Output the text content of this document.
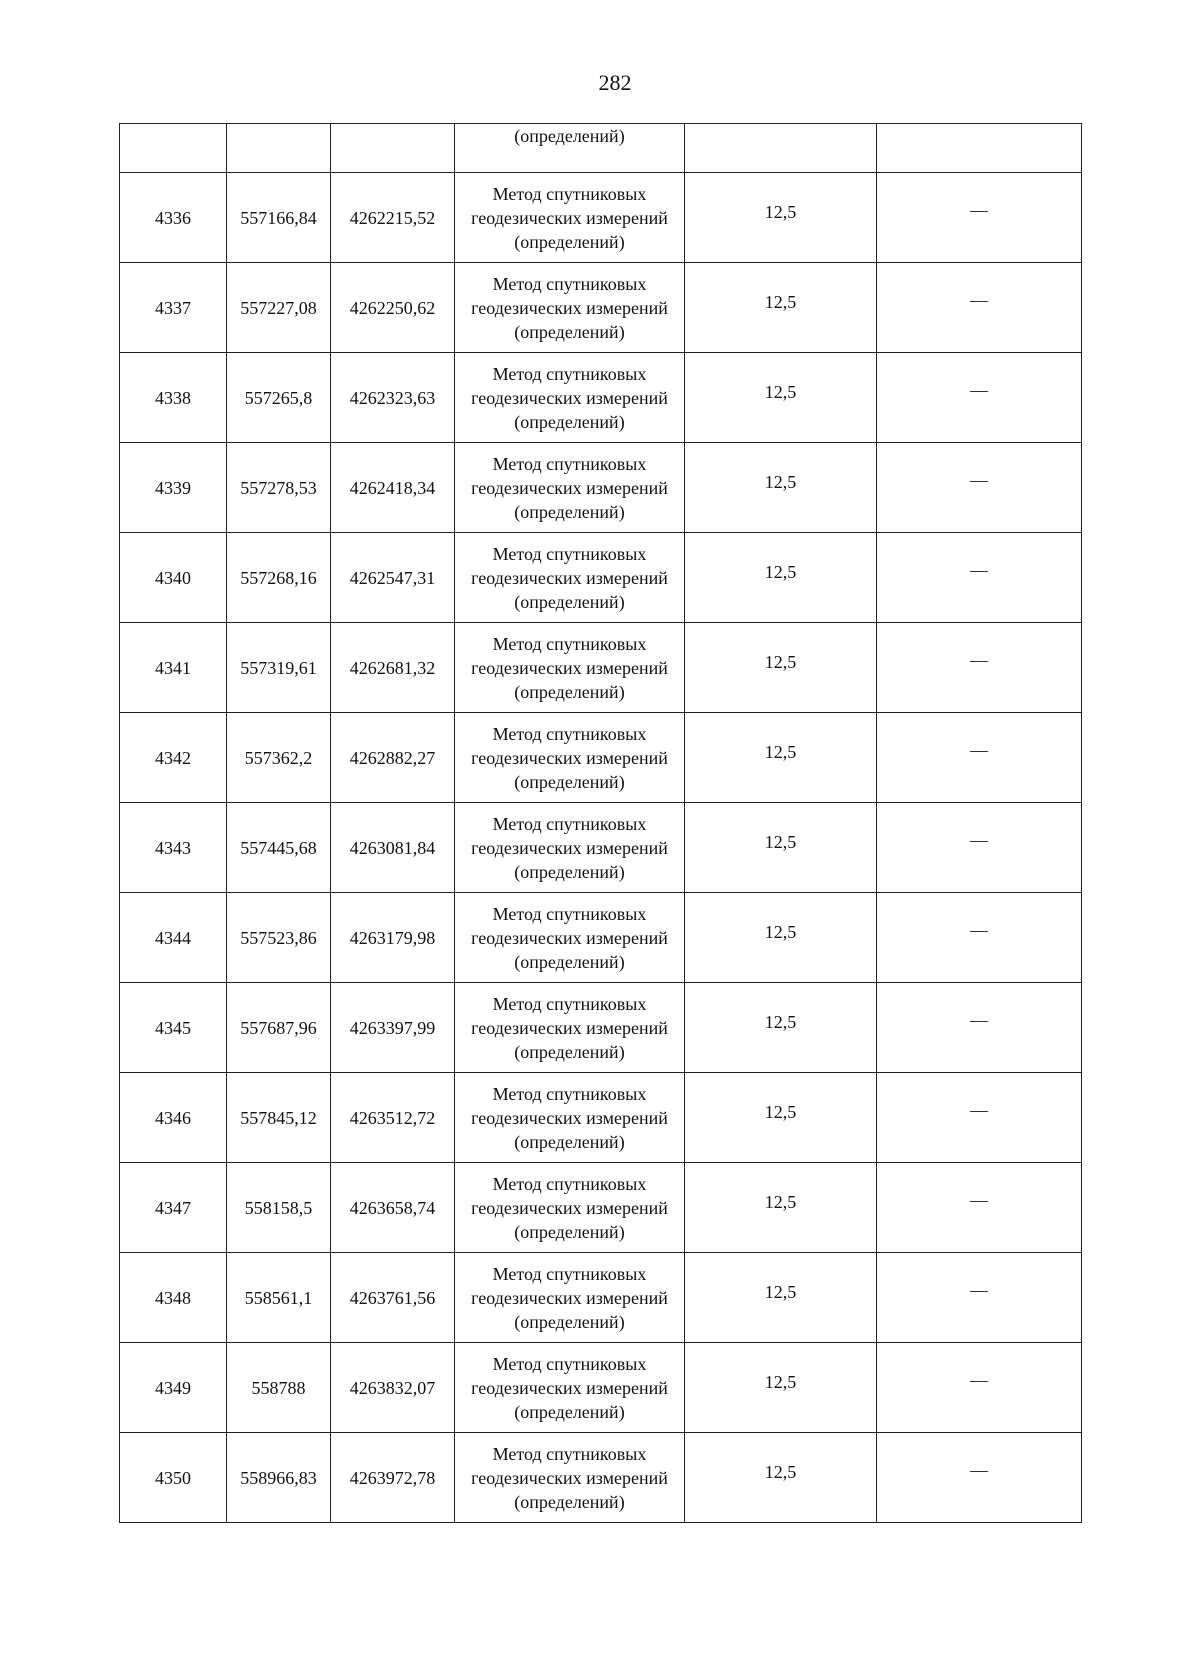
282
			(определений)		
4336	557166,84	4262215,52	Метод спутниковых геодезических измерений (определений)	12,5	—
4337	557227,08	4262250,62	Метод спутниковых геодезических измерений (определений)	12,5	—
4338	557265,8	4262323,63	Метод спутниковых геодезических измерений (определений)	12,5	—
4339	557278,53	4262418,34	Метод спутниковых геодезических измерений (определений)	12,5	—
4340	557268,16	4262547,31	Метод спутниковых геодезических измерений (определений)	12,5	—
4341	557319,61	4262681,32	Метод спутниковых геодезических измерений (определений)	12,5	—
4342	557362,2	4262882,27	Метод спутниковых геодезических измерений (определений)	12,5	—
4343	557445,68	4263081,84	Метод спутниковых геодезических измерений (определений)	12,5	—
4344	557523,86	4263179,98	Метод спутниковых геодезических измерений (определений)	12,5	—
4345	557687,96	4263397,99	Метод спутниковых геодезических измерений (определений)	12,5	—
4346	557845,12	4263512,72	Метод спутниковых геодезических измерений (определений)	12,5	—
4347	558158,5	4263658,74	Метод спутниковых геодезических измерений (определений)	12,5	—
4348	558561,1	4263761,56	Метод спутниковых геодезических измерений (определений)	12,5	—
4349	558788	4263832,07	Метод спутниковых геодезических измерений (определений)	12,5	—
4350	558966,83	4263972,78	Метод спутниковых геодезических измерений (определений)	12,5	—
